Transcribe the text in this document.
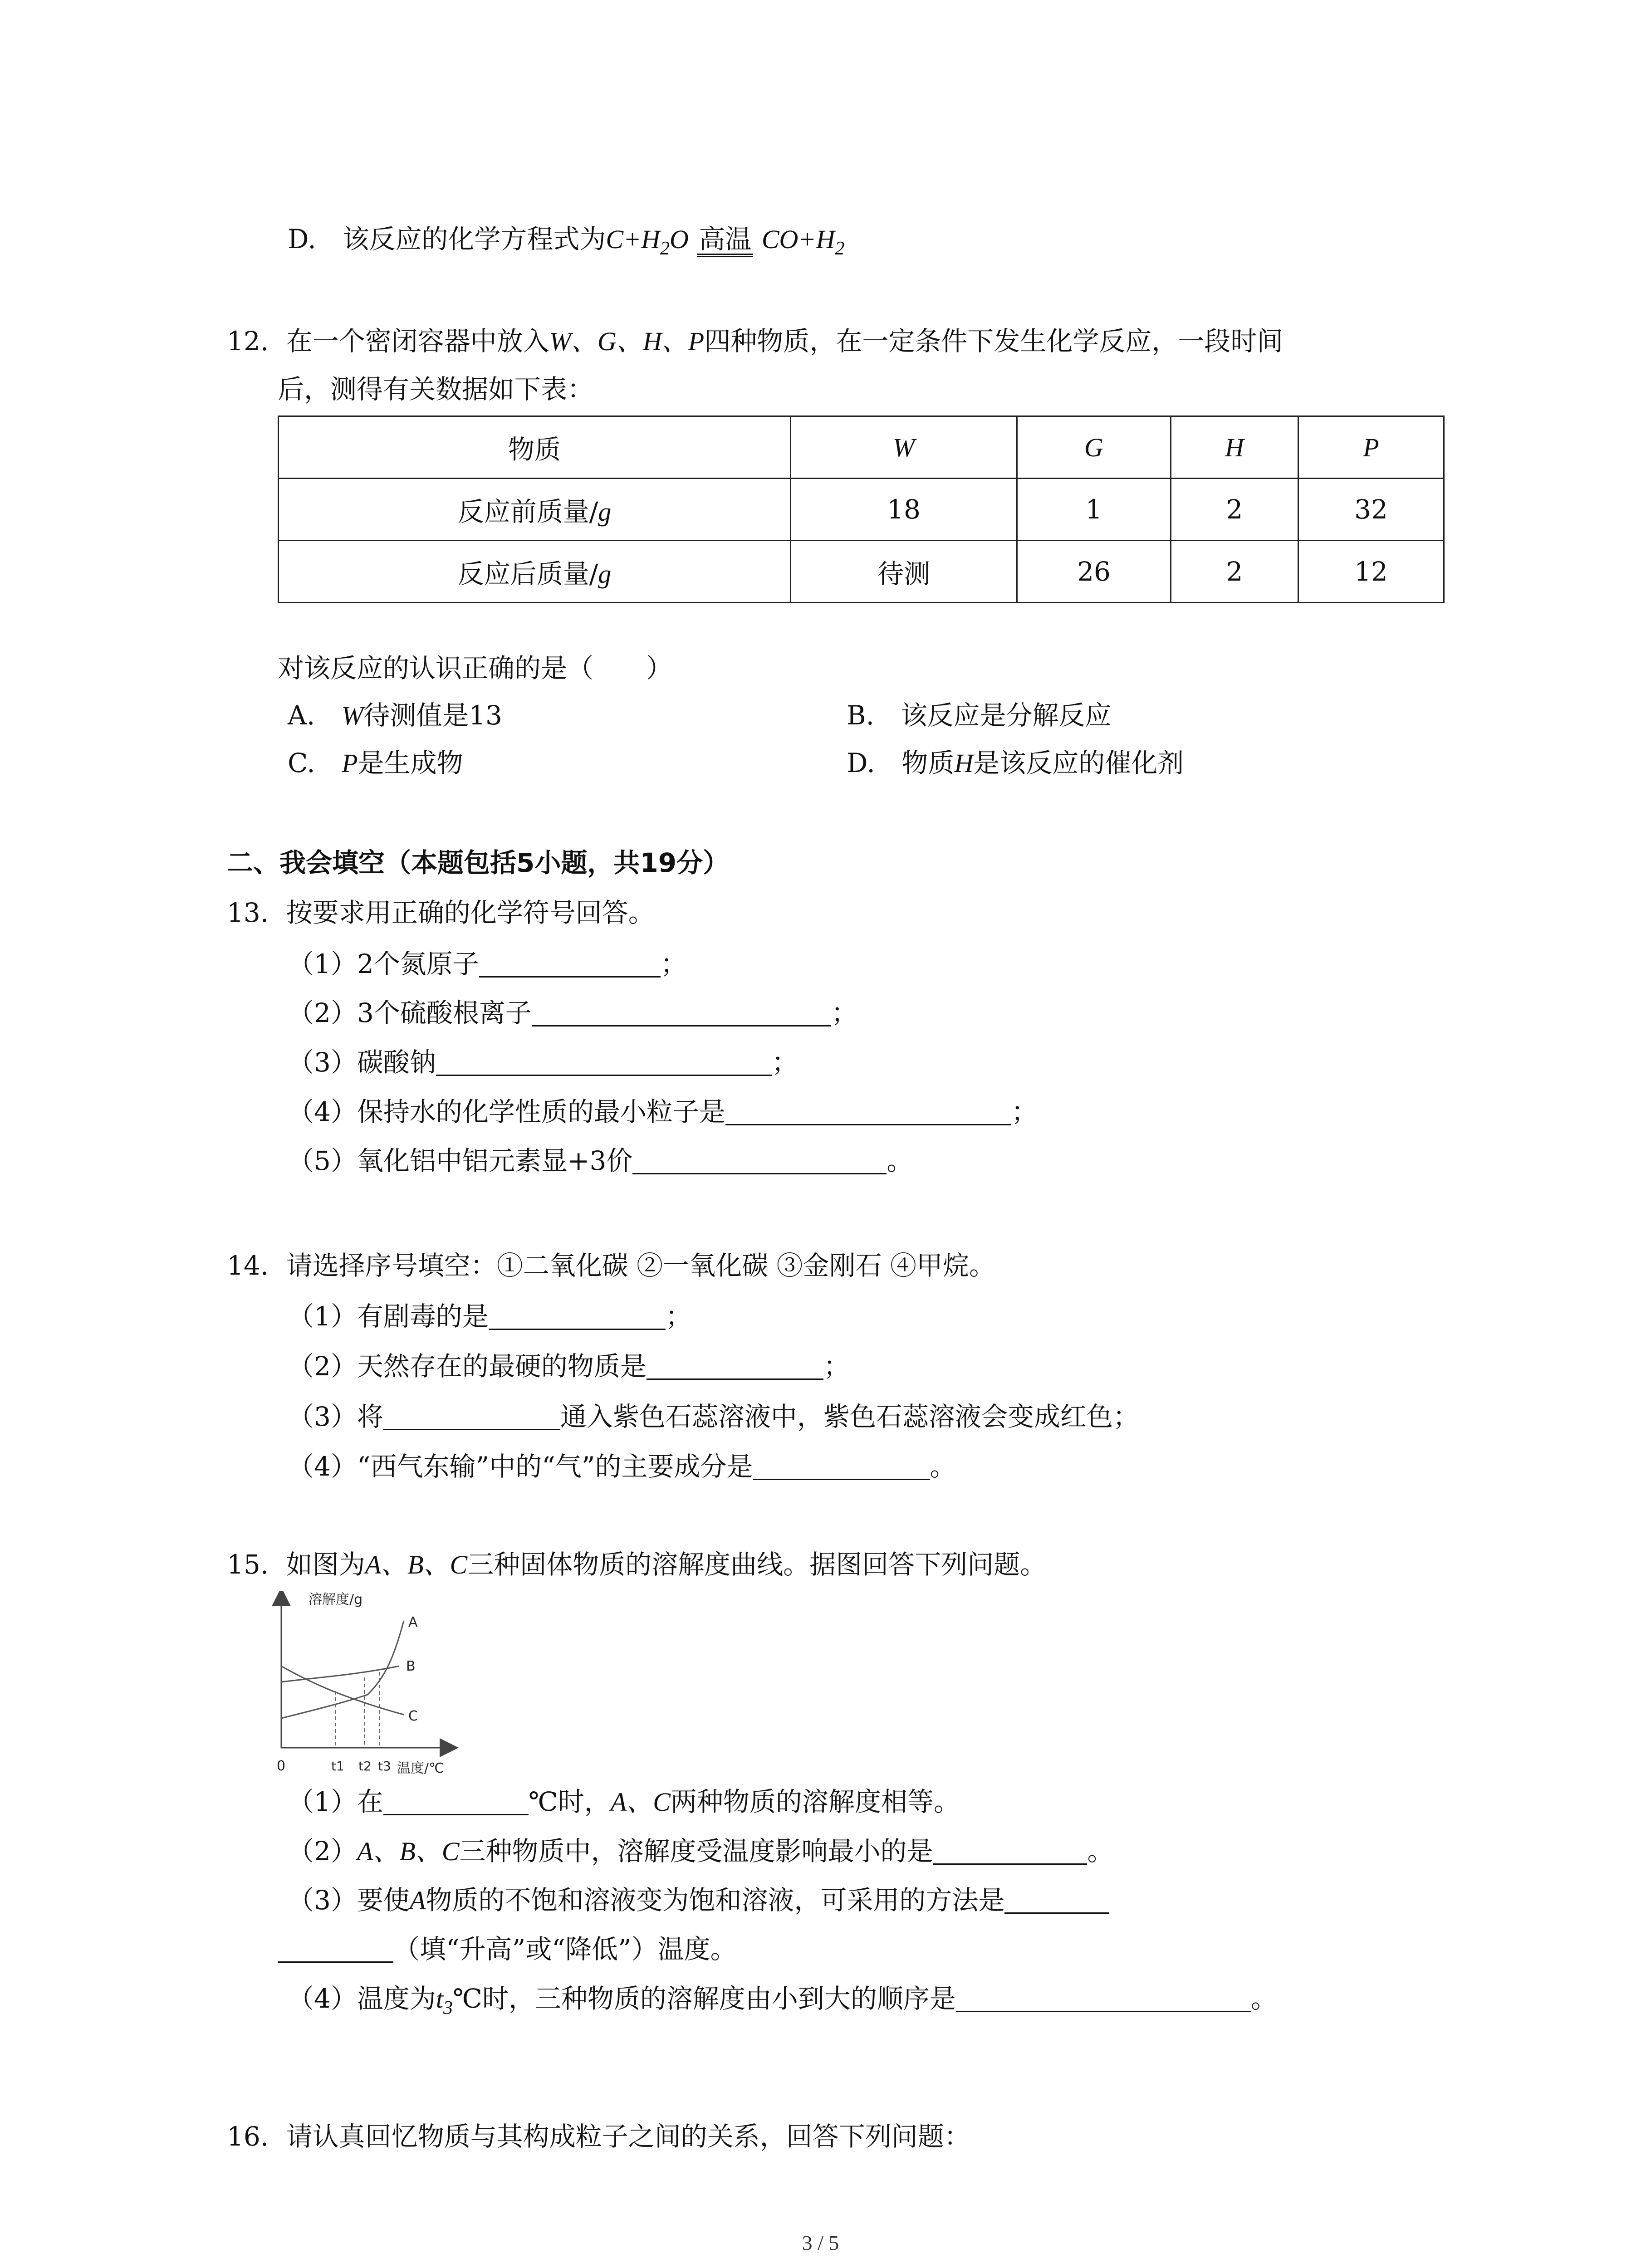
D. 该反应的化学方程式为$C+H_2O$ 高温 $CO+H_2$
12. 在一个密闭容器中放入W、G、H、P四种物质，在一定条件下发生化学反应，一段时间
后，测得有关数据如下表：
物质	W	G	H	P
反应前质量/g	18	1	2	32
反应后质量/g	待测	26	2	12
对该反应的认识正确的是（　　）
A. W待测值是13	B. 该反应是分解反应
C. P是生成物	D. 物质H是该反应的催化剂
二、我会填空（本题包括5小题，共19分）
13. 按要求用正确的化学符号回答。
（1）2个氮原子	；
（2）3个硫酸根离子	；
（3）碳酸钠	；
（4）保持水的化学性质的最小粒子是	；
（5）氧化铝中铝元素显+3价	。
14. 请选择序号填空：①二氧化碳 ②一氧化碳 ③金刚石 ④甲烷。
（1）有剧毒的是	；
（2）天然存在的最硬的物质是	；
（3）将	通入紫色石蕊溶液中，紫色石蕊溶液会变成红色；
（4）“西气东输”中的“气”的主要成分是	。
15. 如图为A、B、C三种固体物质的溶解度曲线。据图回答下列问题。
溶解度/g
A
B
C
0	t1 t2 t3 温度/℃
（1）在	℃时，A、C两种物质的溶解度相等。
（2）A、B、C三种物质中，溶解度受温度影响最小的是	。
（3）要使A物质的不饱和溶液变为饱和溶液，可采用的方法是
（填“升高”或“降低”）温度。
（4）温度为$t_3℃$时，三种物质的溶解度由小到大的顺序是	。
16. 请认真回忆物质与其构成粒子之间的关系，回答下列问题：
3 / 5
